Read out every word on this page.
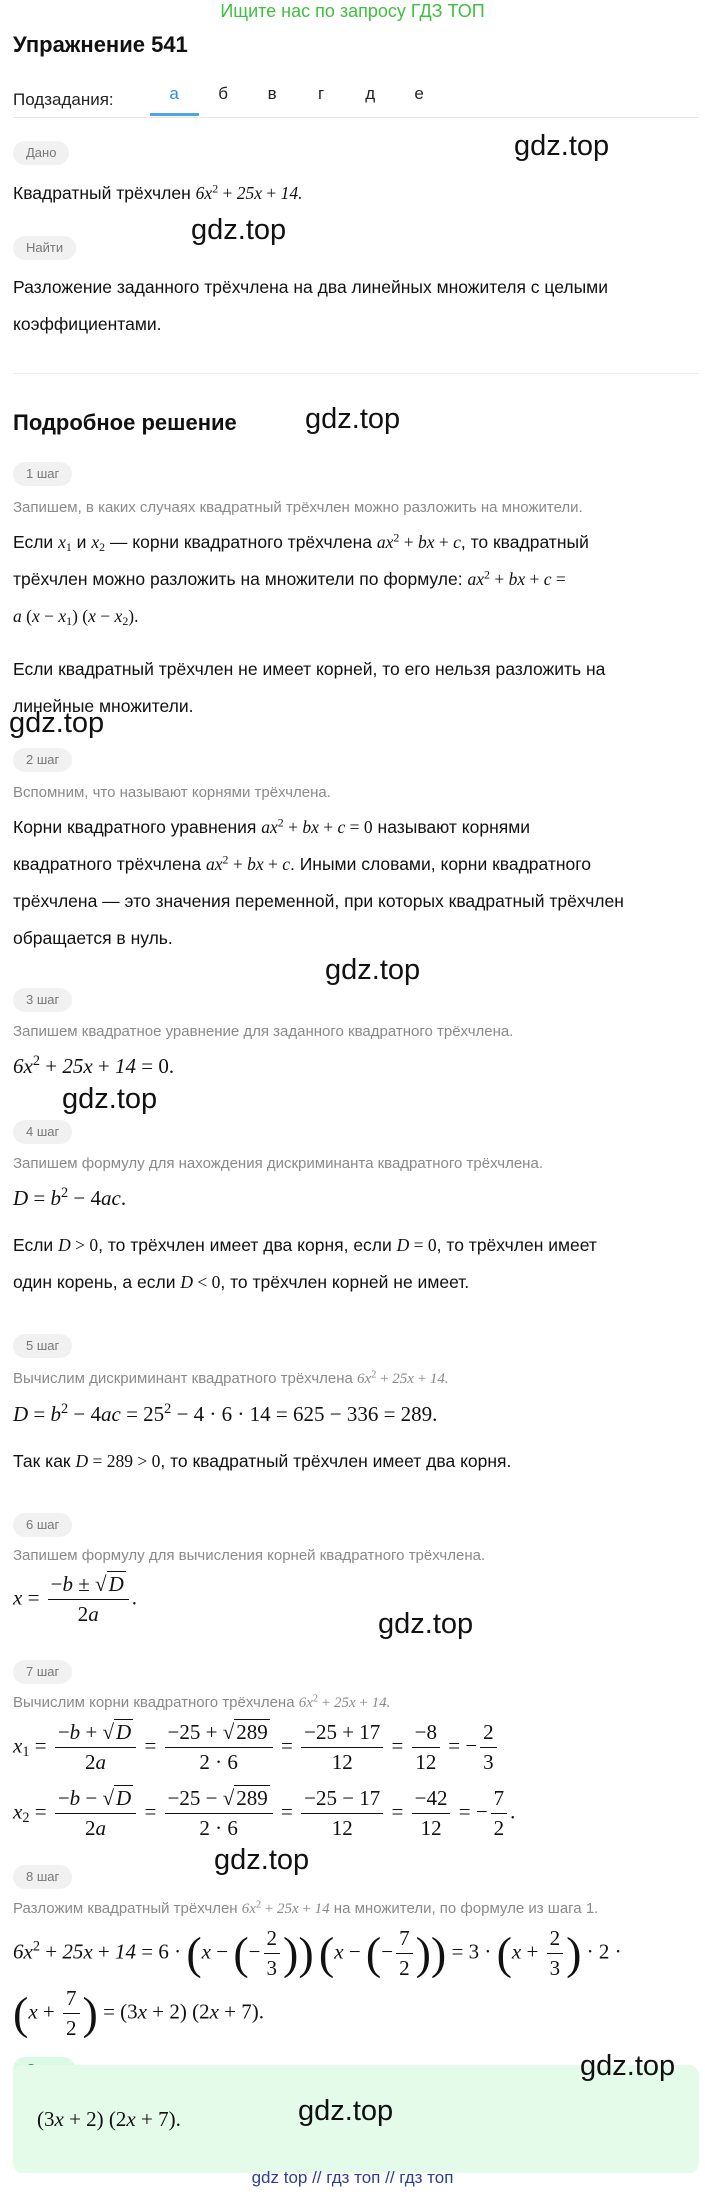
Ищите нас по запросу ГДЗ ТОП
Упражнение 541
Подзадания:	а	б	в	г	д	е
Дано
Квадратный трёхчлен $6x^2 + 25x + 14$.
Найти
Разложение заданного трёхчлена на два линейных множителя с целыми
коэффициентами.
Подробное решение
1 шаг
Запишем, в каких случаях квадратный трёхчлен можно разложить на множители.
Если $x_1$ и $x_2$ — корни квадратного трёхчлена $ax^2$ + bx + c, то квадратный
трёхчлен можно разложить на множители по формуле: $ax^2$ + bx + c =
a $(x - x_1)$ $(x - x_2)$.
Если квадратный трёхчлен не имеет корней, то его нельзя разложить на
линейные множители.
2 шаг
Вспомним, что называют корнями трёхчлена.
Корни квадратного уравнения $ax^2$ + bx + c = 0 называют корнями
квадратного трёхчлена $ax^2$ + bx + c. Иными словами, корни квадратного
трёхчлена — это значения переменной, при которых квадратный трёхчлен
обращается в нуль.
3 шаг
Запишем квадратное уравнение для заданного квадратного трёхчлена.
$6x^2 + 25x + 14 = 0$.
4 шаг
Запишем формулу для нахождения дискриминанта квадратного трёхчлена.
$D = b^2 - 4ac$.
Если D > 0, то трёхчлен имеет два корня, если D = 0, то трёхчлен имеет
один корень, а если D < 0, то трёхчлен корней не имеет.
5 шаг
Вычислим дискриминант квадратного трёхчлена $6x^2 + 25x + 14$.
$D = b^2 - 4ac = 25^2 - 4 \cdot 6 \cdot 14 = 625 - 336 = 289$.
Так как D = 289 > 0, то квадратный трёхчлен имеет два корня.
6 шаг
Запишем формулу для вычисления корней квадратного трёхчлена.
$x = \frac{-b \pm √D}{2a}$ .
7 шаг
Вычислим корни квадратного трёхчлена $6x^2 + 25x + 14$.
$x_1 = \frac{-b + √D}{2a} = \frac{-25 + √289}{2 \cdot 6} = \frac{-25 + 17}{12} = \frac{-8}{12}$ = − $\frac{2}{3}$
$x_2 = \frac{-b - √D}{2a} = \frac{-25 - √289}{2 \cdot 6} = \frac{-25 - 17}{12} = \frac{-42}{12}$ = − $\frac{7}{2}$ .
8 шаг
Разложим квадратный трёхчлен $6x^2 + 25x + 14$ на множители, по формуле из шага 1.
$6x^2 + 25x + 14 = 6 \cdot (x$ − (− $\frac{2}{3}$ )) (x − (− $\frac{7}{2}$ )) = $3 \cdot (x + \frac{2}{3}$ ) · 2 ·
($x + \frac{7}{2}$ ) = (3x + 2) (2x + 7).
(3x + 2) (2x + 7).
gdz.top
gdz.top
gdz.top
gdz.top
gdz.top
gdz.top
gdz.top
gdz.top
gdz.top
gdz.top
gdz top // гдз топ // гдз топ
